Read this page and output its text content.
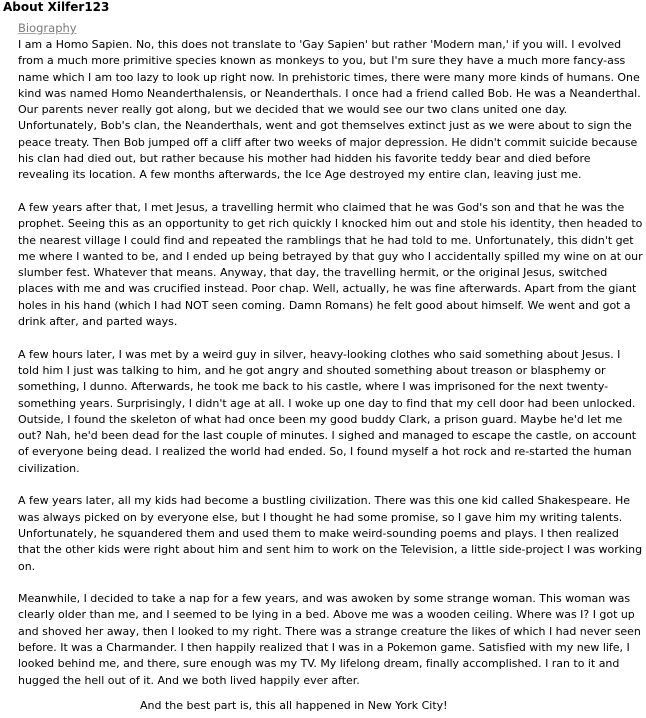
About Xilfer123
Biography

I am a Homo Sapien. No, this does not translate to 'Gay Sapien' but rather 'Modern man,' if you will. I evolved from a much more primitive species known as monkeys to you, but I'm sure they have a much more fancy-ass name which I am too lazy to look up right now. In prehistoric times, there were many more kinds of humans. One kind was named Homo Neanderthalensis, or Neanderthals. I once had a friend called Bob. He was a Neanderthal. Our parents never really got along, but we decided that we would see our two clans united one day. Unfortunately, Bob's clan, the Neanderthals, went and got themselves extinct just as we were about to sign the peace treaty. Then Bob jumped off a cliff after two weeks of major depression. He didn't commit suicide because his clan had died out, but rather because his mother had hidden his favorite teddy bear and died before revealing its location. A few months afterwards, the Ice Age destroyed my entire clan, leaving just me.

A few years after that, I met Jesus, a travelling hermit who claimed that he was God's son and that he was the prophet. Seeing this as an opportunity to get rich quickly I knocked him out and stole his identity, then headed to the nearest village I could find and repeated the ramblings that he had told to me. Unfortunately, this didn't get me where I wanted to be, and I ended up being betrayed by that guy who I accidentally spilled my wine on at our slumber fest. Whatever that means. Anyway, that day, the travelling hermit, or the original Jesus, switched places with me and was crucified instead. Poor chap. Well, actually, he was fine afterwards. Apart from the giant holes in his hand (which I had NOT seen coming. Damn Romans) he felt good about himself. We went and got a drink after, and parted ways.

A few hours later, I was met by a weird guy in silver, heavy-looking clothes who said something about Jesus. I told him I just was talking to him, and he got angry and shouted something about treason or blasphemy or something, I dunno. Afterwards, he took me back to his castle, where I was imprisoned for the next twenty-something years. Surprisingly, I didn't age at all. I woke up one day to find that my cell door had been unlocked. Outside, I found the skeleton of what had once been my good buddy Clark, a prison guard. Maybe he'd let me out? Nah, he'd been dead for the last couple of minutes. I sighed and managed to escape the castle, on account of everyone being dead. I realized the world had ended. So, I found myself a hot rock and re-started the human civilization.

A few years later, all my kids had become a bustling civilization. There was this one kid called Shakespeare. He was always picked on by everyone else, but I thought he had some promise, so I gave him my writing talents. Unfortunately, he squandered them and used them to make weird-sounding poems and plays. I then realized that the other kids were right about him and sent him to work on the Television, a little side-project I was working on.

Meanwhile, I decided to take a nap for a few years, and was awoken by some strange woman. This woman was clearly older than me, and I seemed to be lying in a bed. Above me was a wooden ceiling. Where was I? I got up and shoved her away, then I looked to my right. There was a strange creature the likes of which I had never seen before. It was a Charmander. I then happily realized that I was in a Pokemon game. Satisfied with my new life, I looked behind me, and there, sure enough was my TV. My lifelong dream, finally accomplished. I ran to it and hugged the hell out of it. And we both lived happily ever after.

And the best part is, this all happened in New York City!
